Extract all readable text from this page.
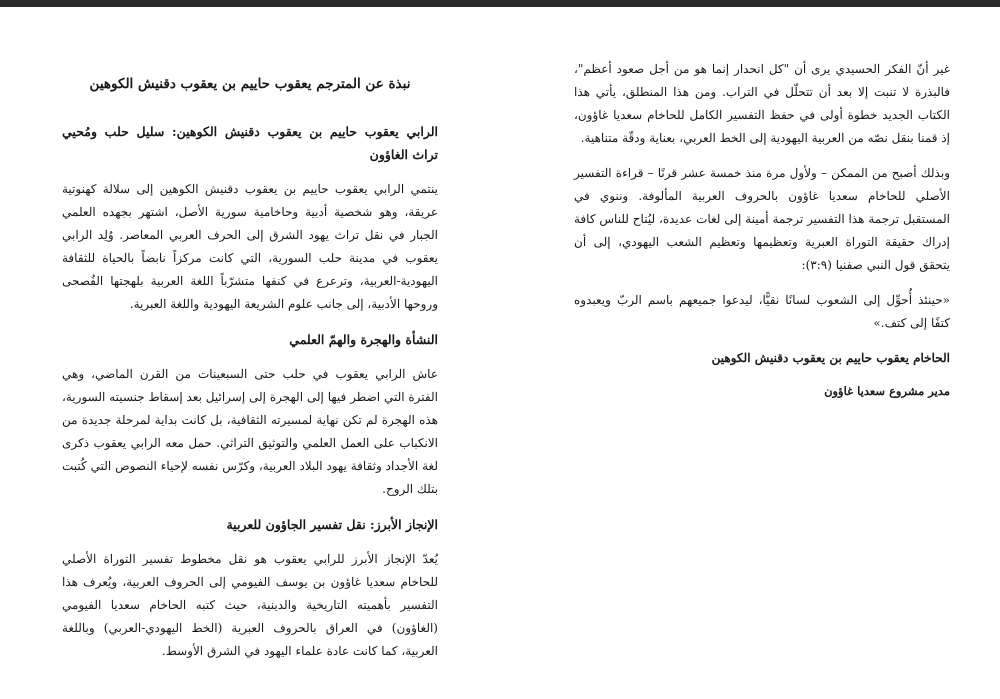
نبذة عن المترجم يعقوب حاييم بن يعقوب دقنيش الكوهين
الرابي يعقوب حاييم بن يعقوب دقنيش الكوهين: سليل حلب ومُحيي تراث الغاؤون
ينتمي الرابي يعقوب حاييم بن يعقوب دقنيش الكوهين إلى سلالة كهنوتية عريقة، وهو شخصية أدبية وحاخامية سورية الأصل، اشتهر بجهده العلمي الجبار في نقل تراث يهود الشرق إلى الحرف العربي المعاصر. وُلِد الرابي يعقوب في مدينة حلب السورية، التي كانت مركزاً نابضاً بالحياة للثقافة اليهودية-العربية، وترعرع في كنفها متشرّباً اللغة العربية بلهجتها الفُصحى وروحها الأدبية، إلى جانب علوم الشريعة اليهودية واللغة العبرية.
النشأة والهجرة والهمّ العلمي
عاش الرابي يعقوب في حلب حتى السبعينات من القرن الماضي، وهي الفترة التي اضطر فيها إلى الهجرة إلى إسرائيل بعد إسقاط جنسيته السورية، هذه الهجرة لم تكن نهاية لمسيرته الثقافية، بل كانت بداية لمرحلة جديدة من الانكباب على العمل العلمي والتوثيق التراثي. حمل معه الرابي يعقوب ذكرى لغة الأجداد وثقافة يهود البلاد العربية، وكرّس نفسه لإحياء النصوص التي كُتبت بتلك الروح.
الإنجاز الأبرز: نقل تفسير الجاؤون للعربية
يُعدّ الإنجاز الأبرز للرابي يعقوب هو نقل مخطوط تفسير التوراة الأصلي للحاخام سعديا غاؤون بن يوسف الفيومي إلى الحروف العربية، ويُعرف هذا التفسير بأهميته التاريخية والدينية، حيث كتبه الحاخام سعديا الفيومي (الغاؤون) في العراق بالحروف العبرية (الخط اليهودي-العربي) وباللغة العربية، كما كانت عادة علماء اليهود في الشرق الأوسط.
غير أنّ الفكر الحسيدي يرى أن "كل انحدار إنما هو من أجل صعود أعظم"، فالبذرة لا تنبت إلا بعد أن تتحلّل في التراب. ومن هذا المنطلق، يأتي هذا الكتاب الجديد خطوة أولى في حفظ التفسير الكامل للحاخام سعديا غاؤون، إذ قمنا بنقل نصّه من العربية اليهودية إلى الخط العربي، بعناية ودقّة متناهية.
وبذلك أصبح من الممكن – ولأول مرة منذ خمسة عشر قرنًا – قراءة التفسير الأصلي للحاخام سعديا غاؤون بالحروف العربية المألوفة. وننوي في المستقبل ترجمة هذا التفسير ترجمة أمينة إلى لغات عديدة، ليُتاح للناس كافة إدراك حقيقة التوراة العبرية وتعظيمها وتعظيم الشعب اليهودي، إلى أن يتحقق قول النبي صفنيا (٣:٩):
«حينئذ أُحوِّل إلى الشعوب لسانًا نقيًّا، ليدعوا جميعهم باسم الربّ ويعبدوه كتفًا إلى كتف.»
الحاخام يعقوب حاييم بن يعقوب دقنيش الكوهين
مدير مشروع سعديا غاؤون
